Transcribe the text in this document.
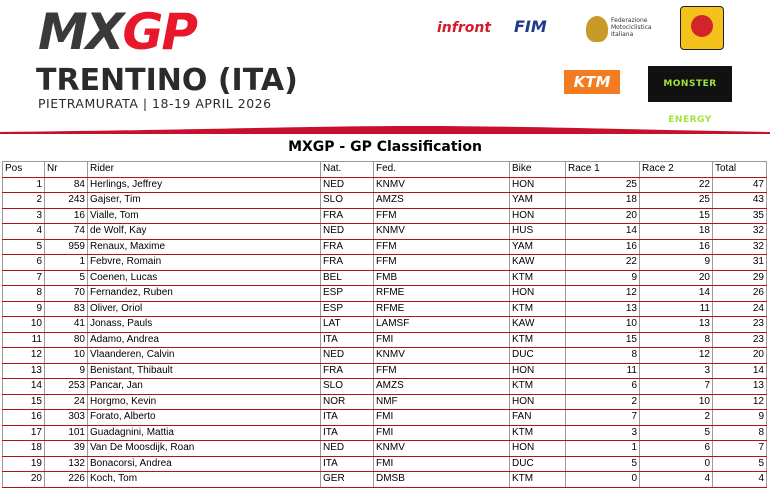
MXGP
TRENTINO (ITA)
PIETRAMURATA | 18-19 APRIL 2026
infront FIM	Federazione Motociclistica Italiana
KTM	MONSTER ENERGY
MXGP - GP Classification
Pos	Nr	Rider	Nat.	Fed.	Bike	Race 1	Race 2	Total
1	84	Herlings, Jeffrey	NED	KNMV	HON	25	22	47
2	243	Gajser, Tim	SLO	AMZS	YAM	18	25	43
3	16	Vialle, Tom	FRA	FFM	HON	20	15	35
4	74	de Wolf, Kay	NED	KNMV	HUS	14	18	32
5	959	Renaux, Maxime	FRA	FFM	YAM	16	16	32
6	1	Febvre, Romain	FRA	FFM	KAW	22	9	31
7	5	Coenen, Lucas	BEL	FMB	KTM	9	20	29
8	70	Fernandez, Ruben	ESP	RFME	HON	12	14	26
9	83	Oliver, Oriol	ESP	RFME	KTM	13	11	24
10	41	Jonass, Pauls	LAT	LAMSF	KAW	10	13	23
11	80	Adamo, Andrea	ITA	FMI	KTM	15	8	23
12	10	Vlaanderen, Calvin	NED	KNMV	DUC	8	12	20
13	9	Benistant, Thibault	FRA	FFM	HON	11	3	14
14	253	Pancar, Jan	SLO	AMZS	KTM	6	7	13
15	24	Horgmo, Kevin	NOR	NMF	HON	2	10	12
16	303	Forato, Alberto	ITA	FMI	FAN	7	2	9
17	101	Guadagnini, Mattia	ITA	FMI	KTM	3	5	8
18	39	Van De Moosdijk, Roan	NED	KNMV	HON	1	6	7
19	132	Bonacorsi, Andrea	ITA	FMI	DUC	5	0	5
20	226	Koch, Tom	GER	DMSB	KTM	0	4	4
